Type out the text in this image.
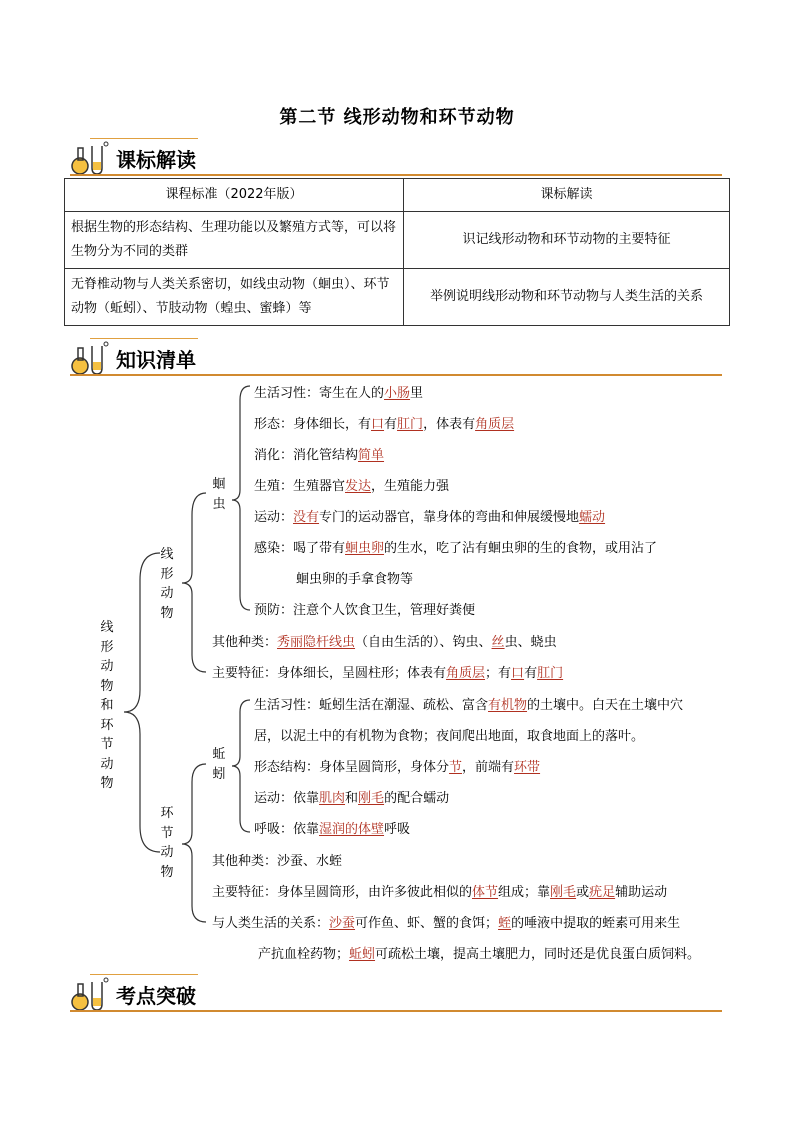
第二节 线形动物和环节动物
课标解读
课程标准（2022年版）	课标解读
根据生物的形态结构、生理功能以及繁殖方式等，可以将生物分为不同的类群	识记线形动物和环节动物的主要特征
无脊椎动物与人类关系密切，如线虫动物（蛔虫）、环节动物（蚯蚓）、节肢动物（蝗虫、蜜蜂）等	举例说明线形动物和环节动物与人类生活的关系
知识清单
线形动物和环节动物
线形动物
蛔虫
环节动物
蚯蚓
生活习性：寄生在人的小肠里
形态：身体细长，有口有肛门，体表有角质层
消化：消化管结构简单
生殖：生殖器官发达，生殖能力强
运动：没有专门的运动器官，靠身体的弯曲和伸展缓慢地蠕动
感染：喝了带有蛔虫卵的生水，吃了沾有蛔虫卵的生的食物，或用沾了
蛔虫卵的手拿食物等
预防：注意个人饮食卫生，管理好粪便
其他种类：秀丽隐杆线虫（自由生活的）、钩虫、丝虫、蛲虫
主要特征：身体细长，呈圆柱形；体表有角质层；有口有肛门
生活习性：蚯蚓生活在潮湿、疏松、富含有机物的土壤中。白天在土壤中穴
居，以泥土中的有机物为食物；夜间爬出地面，取食地面上的落叶。
形态结构：身体呈圆筒形，身体分节，前端有环带
运动：依靠肌肉和刚毛的配合蠕动
呼吸：依靠湿润的体壁呼吸
其他种类：沙蚕、水蛭
主要特征：身体呈圆筒形，由许多彼此相似的体节组成；靠刚毛或疣足辅助运动
与人类生活的关系：沙蚕可作鱼、虾、蟹的食饵；蛭的唾液中提取的蛭素可用来生
产抗血栓药物；蚯蚓可疏松土壤，提高土壤肥力，同时还是优良蛋白质饲料。
考点突破
